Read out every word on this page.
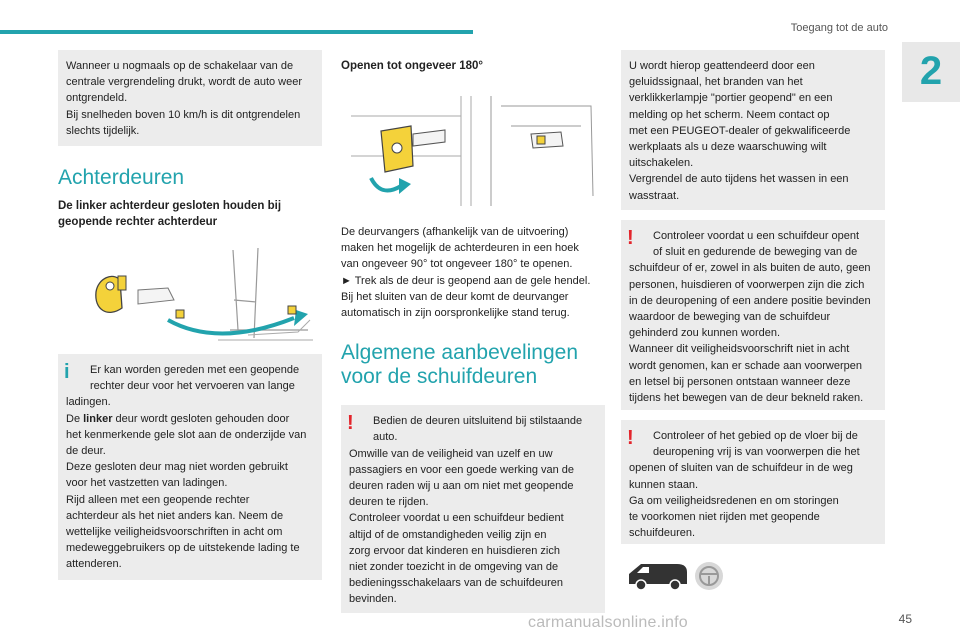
Toegang tot de auto
2

Wanneer u nogmaals op de schakelaar van de
centrale vergrendeling drukt, wordt de auto weer
ontgrendeld.
Bij snelheden boven 10 km/h is dit ontgrendelen
slechts tijdelijk.

Achterdeuren
De linker achterdeur gesloten houden bij
geopende rechter achterdeur
i	Er kan worden gereden met een geopende
rechter deur voor het vervoeren van lange
ladingen.
De linker deur wordt gesloten gehouden door
het kenmerkende gele slot aan de onderzijde van
de deur.
Deze gesloten deur mag niet worden gebruikt
voor het vastzetten van ladingen.
Rijd alleen met een geopende rechter
achterdeur als het niet anders kan. Neem de
wettelijke veiligheidsvoorschriften in acht om
medeweggebruikers op de uitstekende lading te
attenderen.

Openen tot ongeveer 180°

De deurvangers (afhankelijk van de uitvoering)
maken het mogelijk de achterdeuren in een hoek
van ongeveer 90° tot ongeveer 180° te openen.
► Trek als de deur is geopend aan de gele hendel.
Bij het sluiten van de deur komt de deurvanger
automatisch in zijn oorspronkelijke stand terug.

Algemene aanbevelingen
voor de schuifdeuren
!	Bedien de deuren uitsluitend bij stilstaande
auto.
Omwille van de veiligheid van uzelf en uw
passagiers en voor een goede werking van de
deuren raden wij u aan om niet met geopende
deuren te rijden.
Controleer voordat u een schuifdeur bedient
altijd of de omstandigheden veilig zijn en
zorg ervoor dat kinderen en huisdieren zich
niet zonder toezicht in de omgeving van de
bedieningsschakelaars van de schuifdeuren
bevinden.

U wordt hierop geattendeerd door een
geluidssignaal, het branden van het
verklikkerlampje "portier geopend" en een
melding op het scherm. Neem contact op
met een PEUGEOT-dealer of gekwalificeerde
werkplaats als u deze waarschuwing wilt
uitschakelen.
Vergrendel de auto tijdens het wassen in een
wasstraat.

!	Controleer voordat u een schuifdeur opent
of sluit en gedurende de beweging van de
schuifdeur of er, zowel in als buiten de auto, geen
personen, huisdieren of voorwerpen zijn die zich
in de deuropening of een andere positie bevinden
waardoor de beweging van de schuifdeur
gehinderd zou kunnen worden.
Wanneer dit veiligheidsvoorschrift niet in acht
wordt genomen, kan er schade aan voorwerpen
en letsel bij personen ontstaan wanneer deze
tijdens het bewegen van de deur bekneld raken.

!	Controleer of het gebied op de vloer bij de
deuropening vrij is van voorwerpen die het
openen of sluiten van de schuifdeur in de weg
kunnen staan.
Ga om veiligheidsredenen en om storingen
te voorkomen niet rijden met geopende
schuifdeuren.

carmanualsonline.info	45
